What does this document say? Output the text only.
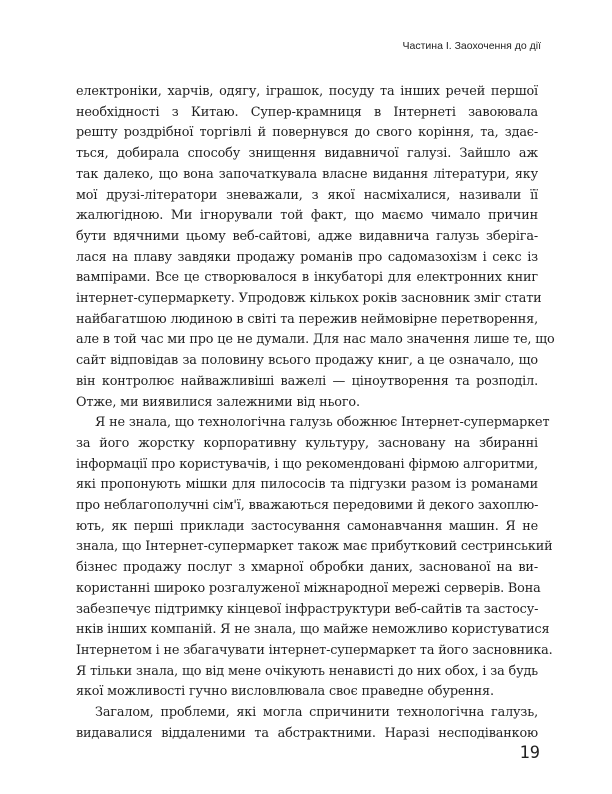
Частина І. Заохочення до дії
електроніки, харчів, одягу, іграшок, посуду та інших речей першої
необхідності з Китаю. Супер-крамниця в Інтернеті завоювала
решту роздрібної торгівлі й повернувся до свого коріння, та, здає-
ться, добирала способу знищення видавничої галузі. Зайшло аж
так далеко, що вона започаткувала власне видання літератури, яку
мої друзі-літератори зневажали, з якої насміхалися, називали її
жалюгідною. Ми ігнорували той факт, що маємо чимало причин
бути вдячними цьому веб-сайтові, адже видавнича галузь зберіга-
лася на плаву завдяки продажу романів про садомазохізм і секс із
вампірами. Все це створювалося в інкубаторі для електронних книг
інтернет-супермаркету. Упродовж кількох років засновник зміг стати
найбагатшою людиною в світі та пережив неймовірне перетворення,
але в той час ми про це не думали. Для нас мало значення лише те, що
сайт відповідав за половину всього продажу книг, а це означало, що
він контролює найважливіші важелі — ціноутворення та розподіл.
Отже, ми виявилися залежними від нього.
Я не знала, що технологічна галузь обожнює Інтернет-супермаркет
за його жорстку корпоративну культуру, засновану на збиранні
інформації про користувачів, і що рекомендовані фірмою алгоритми,
які пропонують мішки для пилососів та підгузки разом із романами
про неблагополучні сім'ї, вважаються передовими й декого захоплю-
ють, як перші приклади застосування самонавчання машин. Я не
знала, що Інтернет-супермаркет також має прибутковий сестринський
бізнес продажу послуг з хмарної обробки даних, заснованої на ви-
користанні широко розгалуженої міжнародної мережі серверів. Вона
забезпечує підтримку кінцевої інфраструктури веб-сайтів та застосу-
нків інших компаній. Я не знала, що майже неможливо користуватися
Інтернетом і не збагачувати інтернет-супермаркет та його засновника.
Я тільки знала, що від мене очікують ненависті до них обох, і за будь
якої можливості гучно висловлювала своє праведне обурення.
Загалом, проблеми, які могла спричинити технологічна галузь,
видавалися віддаленими та абстрактними. Наразі несподіванкою
19
